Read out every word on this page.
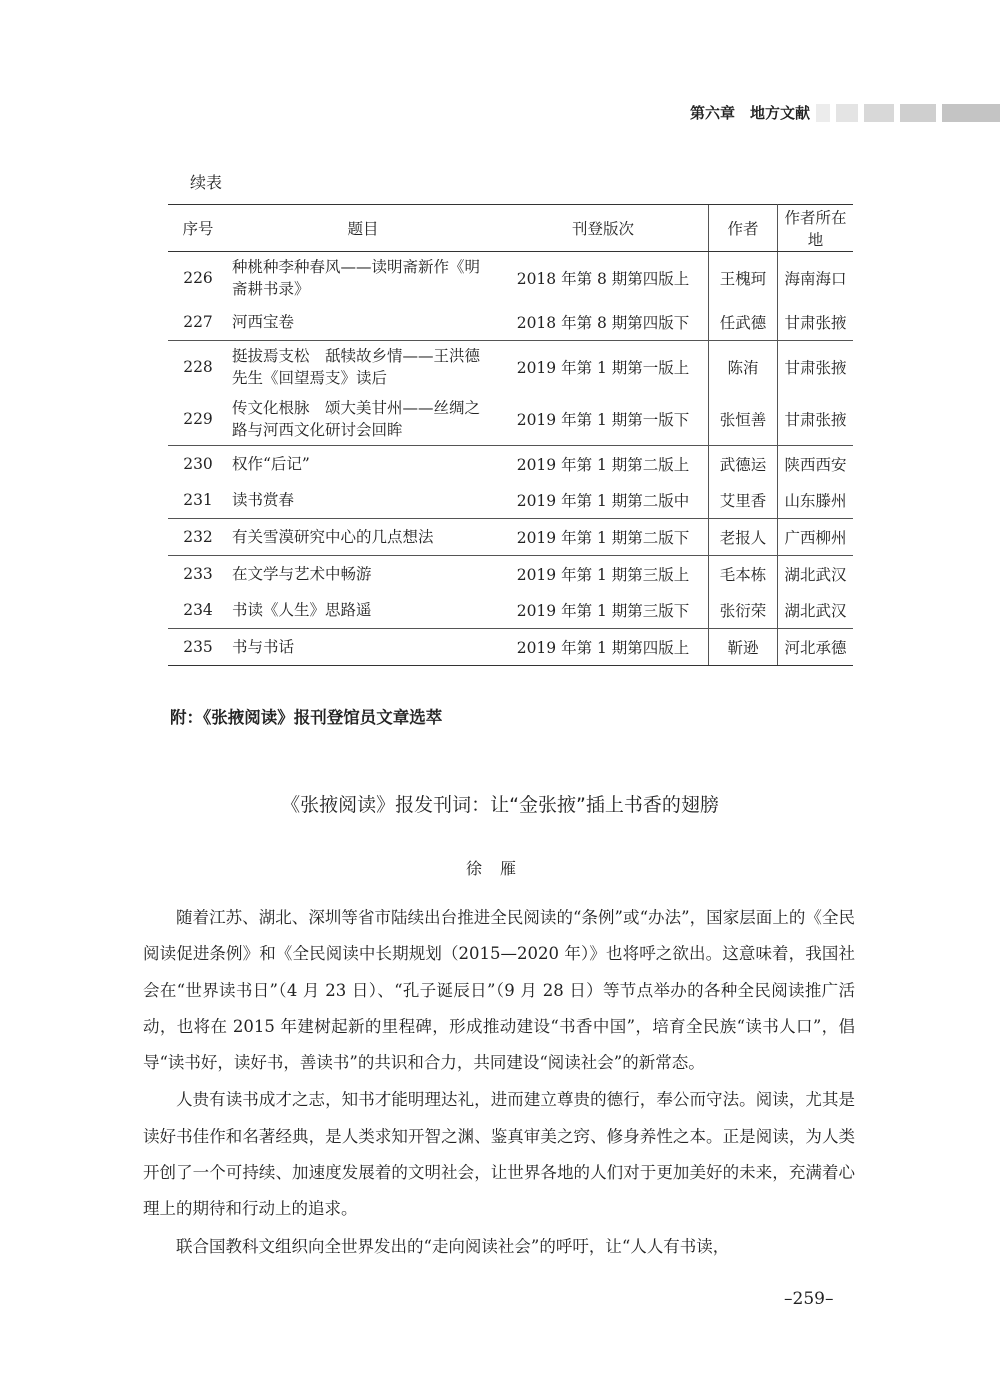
第六章　地方文献
续表
序号	题目	刊登版次	作者	作者所在地
226	种桃种李种春风——读明斋新作《明斋耕书录》	2018 年第 8 期第四版上	王槐珂	海南海口
227	河西宝卷	2018 年第 8 期第四版下	任武德	甘肃张掖
228	挺拔焉支松　舐犊故乡情——王洪德先生《回望焉支》读后	2019 年第 1 期第一版上	陈洧	甘肃张掖
229	传文化根脉　颂大美甘州——丝绸之路与河西文化研讨会回眸	2019 年第 1 期第一版下	张恒善	甘肃张掖
230	权作“后记”	2019 年第 1 期第二版上	武德运	陕西西安
231	读书赏春	2019 年第 1 期第二版中	艾里香	山东滕州
232	有关雪漠研究中心的几点想法	2019 年第 1 期第二版下	老报人	广西柳州
233	在文学与艺术中畅游	2019 年第 1 期第三版上	毛本栋	湖北武汉
234	书读《人生》思路遥	2019 年第 1 期第三版下	张衍荣	湖北武汉
235	书与书话	2019 年第 1 期第四版上	靳逊	河北承德
附：《张掖阅读》报刊登馆员文章选萃
《张掖阅读》报发刊词：让“金张掖”插上书香的翅膀
徐雁

随着江苏、湖北、深圳等省市陆续出台推进全民阅读的“条例”或“办法”，国家层面上的《全民阅读促进条例》和《全民阅读中长期规划（2015—2020 年）》也将呼之欲出。这意味着，我国社会在“世界读书日”（4 月 23 日）、“孔子诞辰日”（9 月 28 日）等节点举办的各种全民阅读推广活动，也将在 2015 年建树起新的里程碑，形成推动建设“书香中国”，培育全民族“读书人口”，倡导“读书好，读好书，善读书”的共识和合力，共同建设“阅读社会”的新常态。

人贵有读书成才之志，知书才能明理达礼，进而建立尊贵的德行，奉公而守法。阅读，尤其是读好书佳作和名著经典，是人类求知开智之渊、鉴真审美之窍、修身养性之本。正是阅读，为人类开创了一个可持续、加速度发展着的文明社会，让世界各地的人们对于更加美好的未来，充满着心理上的期待和行动上的追求。

联合国教科文组织向全世界发出的“走向阅读社会”的呼吁，让“人人有书读，

–259–
